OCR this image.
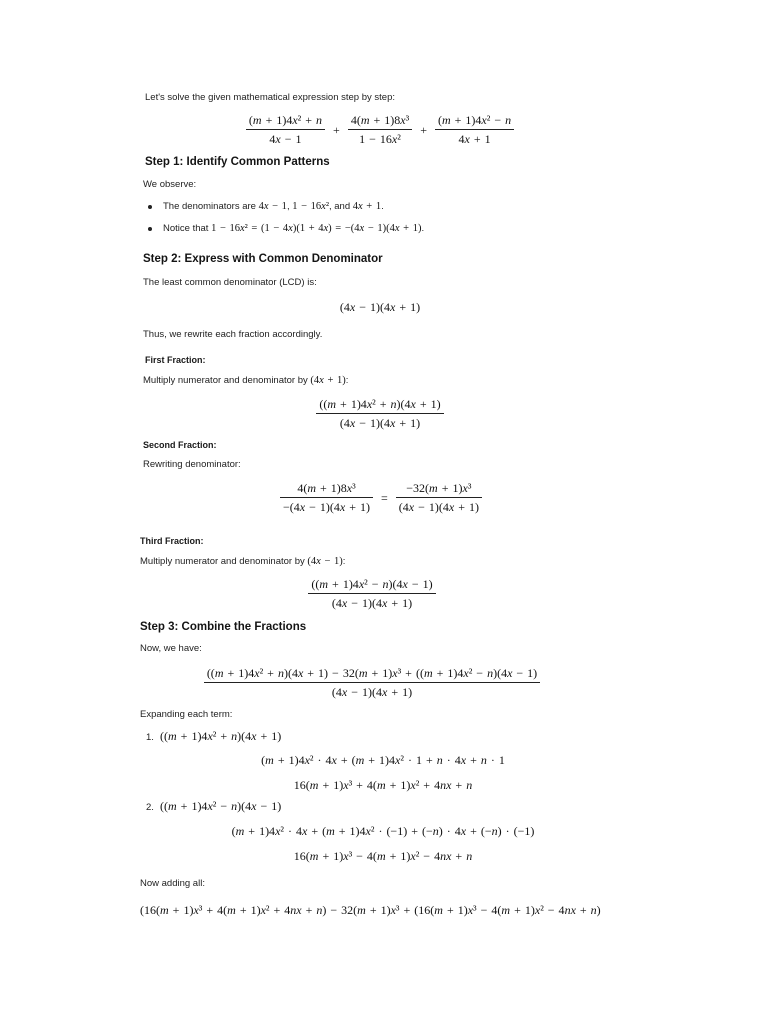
Let's solve the given mathematical expression step by step:
$\frac{\text{(m + 1)4x² + n}}{4x - 1} + \frac{\text{4(m + 1)8x³}}{\text{1 − 16x²}} + \frac{\text{(m + 1)4x² − n}}{4x + 1}$
Step 1: Identify Common Patterns
We observe:
The denominators are 4x − 1, 1 − 16x², and 4x + 1.
Notice that 1 − 16x² = (1 − 4x)(1 + 4x) = −(4x − 1)(4x + 1).
Step 2: Express with Common Denominator
The least common denominator (LCD) is:
(4x − 1)(4x + 1)
Thus, we rewrite each fraction accordingly.
First Fraction:
Multiply numerator and denominator by (4x + 1):
$\frac{\text{((m + 1)4x² + n)(4x + 1)}}{(4x - 1)(4x + 1)}$
Second Fraction:
Rewriting denominator:
$\frac{\text{4(m + 1)8x³}}{-(4x - 1)(4x + 1)} = \frac{\text{−32(m + 1)x³}}{(4x - 1)(4x + 1)}$
Third Fraction:
Multiply numerator and denominator by (4x − 1):
$\frac{\text{((m + 1)4x² − n)(4x − 1)}}{(4x - 1)(4x + 1)}$
Step 3: Combine the Fractions
Now, we have:
((m + 1)4x² + n)(4x + 1) − 32(m + 1)x³ + ((m + 1)4x² − n)(4x − 1)
(4x − 1)(4x + 1)
Expanding each term:
1. ((m + 1)4x² + n)(4x + 1)
(m + 1)4x² · 4x + (m + 1)4x² · 1 + n · 4x + n · 1
16(m + 1)x³ + 4(m + 1)x² + 4nx + n
2. ((m + 1)4x² − n)(4x − 1)
(m + 1)4x² · 4x + (m + 1)4x² · (−1) + (−n) · 4x + (−n) · (−1)
16(m + 1)x³ − 4(m + 1)x² − 4nx + n
Now adding all:
(16(m + 1)x³ + 4(m + 1)x² + 4nx + n) − 32(m + 1)x³ + (16(m + 1)x³ − 4(m + 1)x² − 4nx + n)
